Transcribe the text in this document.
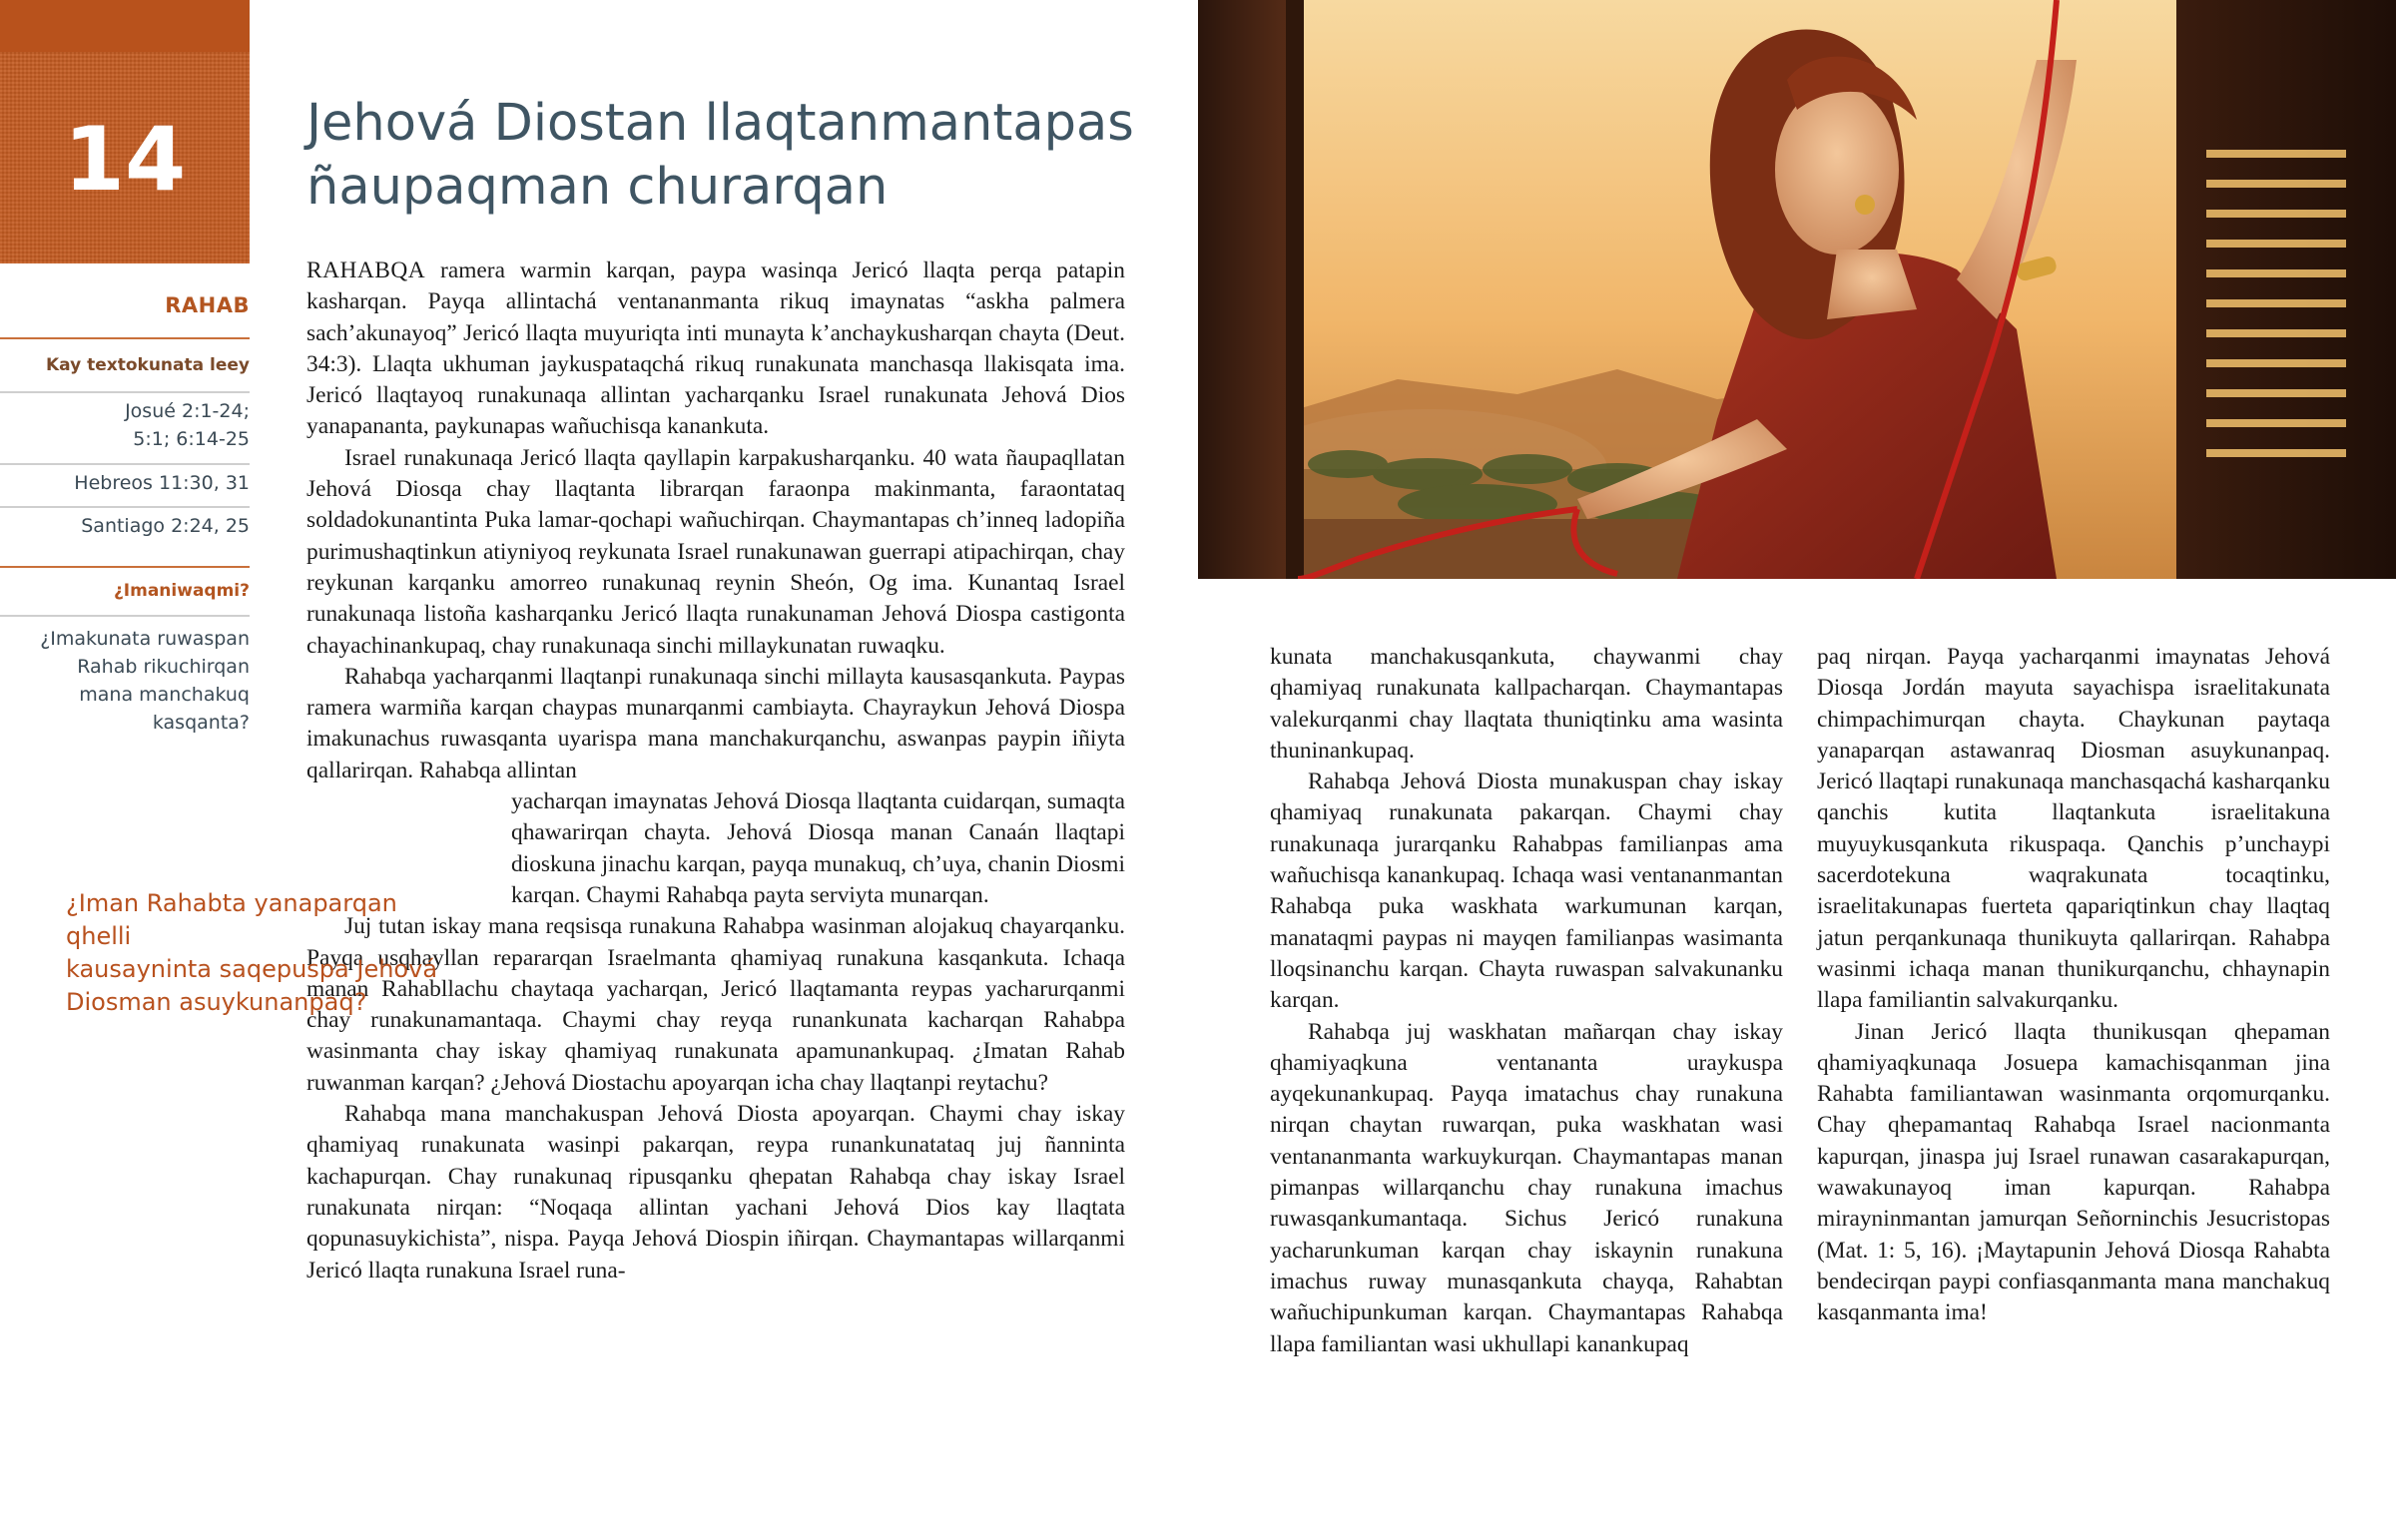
14
RAHAB
Kay textokunata leey
Josué 2:1-24;
5:1; 6:14-25
Hebreos 11:30, 31
Santiago 2:24, 25
¿Imaniwaqmi?
¿Imakunata ruwaspan
Rahab rikuchirqan
mana manchakuq
kasqanta?
Jehová Diostan llaqtanmantapas
ñaupaqman churarqan

RAHABQA ramera warmin karqan, paypa wasinqa Jericó llaqta perqa patapin kasharqan. Payqa allintachá ventananmanta rikuq imaynatas “askha palmera sach’akunayoq” Jericó llaqta muyuriqta inti munayta k’anchaykusharqan chayta (Deut. 34:3). Llaqta ukhuman jaykuspataqchá rikuq runakunata manchasqa llakisqata ima. Jericó llaqtayoq runakunaqa allintan yacharqanku Israel runakunata Jehová Dios yanapananta, paykunapas wañuchisqa kanankuta.

Israel runakunaqa Jericó llaqta qayllapin karpakusharqanku. 40 wata ñaupaqllatan Jehová Diosqa chay llaqtanta librarqan faraonpa makinmanta, faraontataq soldadokunantinta Puka lamar-qochapi wañuchirqan. Chaymantapas ch’inneq ladopiña purimushaqtinkun atiyniyoq reykunata Israel runakunawan guerrapi atipachirqan, chay reykunan karqanku amorreo runakunaq reynin Sheón, Og ima. Kunantaq Israel runakunaqa listoña kasharqanku Jericó llaqta runakunaman Jehová Diospa castigonta chayachinankupaq, chay runakunaqa sinchi millaykunatan ruwaqku.

Rahabqa yacharqanmi llaqtanpi runakunaqa sinchi millayta kausasqankuta. Paypas ramera warmiña karqan chaypas munarqanmi cambiayta. Chayraykun Jehová Diospa imakunachus ruwasqanta uyarispa mana manchakurqanchu, aswanpas paypin iñiyta qallarirqan. Rahabqa allintan

yacharqan imaynatas Jehová Diosqa llaqtanta cuidarqan, sumaqta qhawarirqan chayta. Jehová Diosqa manan Canaán llaqtapi dioskuna jinachu karqan, payqa munakuq, ch’uya, chanin Diosmi karqan. Chaymi Rahabqa payta serviyta munarqan.

Juj tutan iskay mana reqsisqa runakuna Rahabpa wasinman alojakuq chayarqanku. Payqa usqhayllan repararqan Israelmanta qhamiyaq runakuna kasqankuta. Ichaqa manan Rahabllachu chaytaqa yacharqan, Jericó llaqtamanta reypas yacharurqanmi chay runakunamantaqa. Chaymi chay reyqa runankunata kacharqan Rahabpa wasinmanta chay iskay qhamiyaq runakunata apamunankupaq. ¿Imatan Rahab ruwanman karqan? ¿Jehová Diostachu apoyarqan icha chay llaqtanpi reytachu?

Rahabqa mana manchakuspan Jehová Diosta apoyarqan. Chaymi chay iskay qhamiyaq runakunata wasinpi pakarqan, reypa runankunatataq juj ñanninta kachapurqan. Chay runakunaq ripusqanku qhepatan Rahabqa chay iskay Israel runakunata nirqan: “Noqaqa allintan yachani Jehová Dios kay llaqtata qopunasuykichista”, nispa. Payqa Jehová Diospin iñirqan. Chaymantapas willarqanmi Jericó llaqta runakuna Israel runa-

¿Iman Rahabta yanaparqan qhelli
kausayninta saqepuspa Jehová
Diosman asuykunanpaq?

kunata manchakusqankuta, chaywanmi chay qhamiyaq runakunata kallpacharqan. Chaymantapas valekurqanmi chay llaqtata thuniqtinku ama wasinta thuninankupaq.

Rahabqa Jehová Diosta munakuspan chay iskay qhamiyaq runakunata pakarqan. Chaymi chay runakunaqa jurarqanku Rahabpas familianpas ama wañuchisqa kanankupaq. Ichaqa wasi ventananmantan Rahabqa puka waskhata warkumunan karqan, manataqmi paypas ni mayqen familianpas wasimanta lloqsinanchu karqan. Chayta ruwaspan salvakunanku karqan.

Rahabqa juj waskhatan mañarqan chay iskay qhamiyaqkuna ventananta uraykuspa ayqekunankupaq. Payqa imatachus chay runakuna nirqan chaytan ruwarqan, puka waskhatan wasi ventananmanta warkuykurqan. Chaymantapas manan pimanpas willarqanchu chay runakuna imachus ruwasqankumantaqa. Sichus Jericó runakuna yacharunkuman karqan chay iskaynin runakuna imachus ruway munasqankuta chayqa, Rahabtan wañuchipunkuman karqan. Chaymantapas Rahabqa llapa familiantan wasi ukhullapi kanankupaq

paq nirqan. Payqa yacharqanmi imaynatas Jehová Diosqa Jordán mayuta sayachispa israelitakunata chimpachimurqan chayta. Chaykunan paytaqa yanaparqan astawanraq Diosman asuykunanpaq. Jericó llaqtapi runakunaqa manchasqachá kasharqanku qanchis kutita llaqtankuta israelitakuna muyuykusqankuta rikuspaqa. Qanchis p’unchaypi sacerdotekuna waqrakunata tocaqtinku, israelitakunapas fuerteta qapariqtinkun chay llaqtaq jatun perqankunaqa thunikuyta qallarirqan. Rahabpa wasinmi ichaqa manan thunikurqanchu, chhaynapin llapa familiantin salvakurqanku.

Jinan Jericó llaqta thunikusqan qhepaman qhamiyaqkunaqa Josuepa kamachisqanman jina Rahabta familiantawan wasinmanta orqomurqanku. Chay qhepamantaq Rahabqa Israel nacionmanta kapurqan, jinaspa juj Israel runawan casarakapurqan, wawakunayoq iman kapurqan. Rahabpa mirayninmantan jamurqan Señorninchis Jesucristopas (Mat. 1: 5, 16). ¡Maytapunin Jehová Diosqa Rahabta bendecirqan paypi confiasqanmanta mana manchakuq kasqanmanta ima!
